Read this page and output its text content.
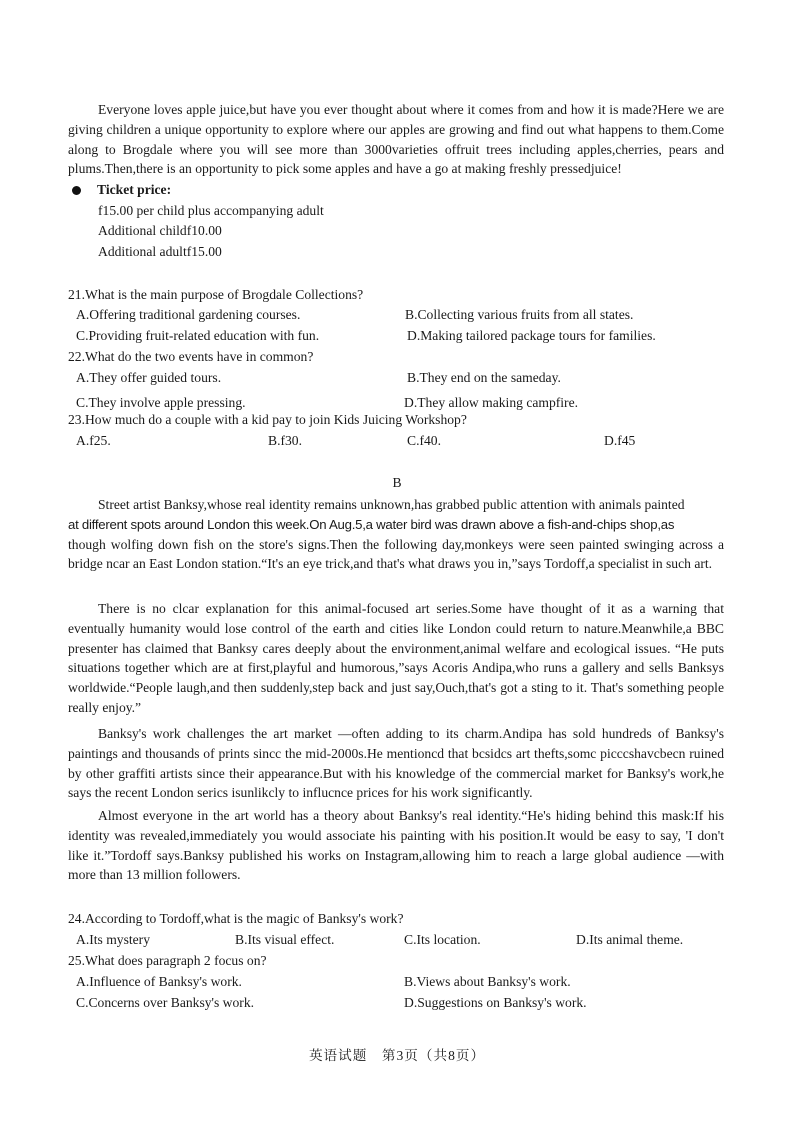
Everyone loves apple juice,but have you ever thought about where it comes from and how it is made?Here we are giving children a unique opportunity to explore where our apples are growing and find out what happens to them.Come along to Brogdale where you will see more than 3000varieties offruit trees including apples,cherries, pears and plums.Then,there is an opportunity to pick some apples and have a go at making freshly pressedjuice!
Ticket price:
f15.00 per child plus accompanying adult
Additional childf10.00
Additional adultf15.00
21.What is the main purpose of Brogdale Collections?
A.Offering traditional gardening courses.	B.Collecting various fruits from all states.
C.Providing fruit-related education with fun.	D.Making tailored package tours for families.
22.What do the two events have in common?
A.They offer guided tours.	B.They end on the sameday.
C.They involve apple pressing.	D.They allow making campfire.
23.How much do a couple with a kid pay to join Kids Juicing Workshop?
A.f25.	B.f30.	C.f40.	D.f45
B
Street artist Banksy,whose real identity remains unknown,has grabbed public attention with animals painted
at different spots around London this week.On Aug.5,a water bird was drawn above a fish-and-chips shop,as
though wolfing down fish on the store's signs.Then the following day,monkeys were seen painted swinging across a bridge ncar an East London station.“It's an eye trick,and that's what draws you in,”says Tordoff,a specialist in such art.
There is no clcar explanation for this animal-focused art series.Some have thought of it as a warning that eventually humanity would lose control of the earth and cities like London could return to nature.Meanwhile,a BBC presenter has claimed that Banksy cares deeply about the environment,animal welfare and ecological issues. “He puts situations together which are at first,playful and humorous,”says Acoris Andipa,who runs a gallery and sells Banksys worldwide.“People laugh,and then suddenly,step back and just say,Ouch,that's got a sting to it. That's something people really enjoy.”
Banksy's work challenges the art market —often adding to its charm.Andipa has sold hundreds of Banksy's paintings and thousands of prints sincc the mid-2000s.He mentioncd that bcsidcs art thefts,somc piccсshavcbecn ruined by other graffiti artists since their appearance.But with his knowledge of the commercial market for Banksy's work,he says the recent London serics isunlikcly to influcnce prices for his work significantly.
Almost everyone in the art world has a theory about Banksy's real identity.“He's hiding behind this mask:If his identity was revealed,immediately you would associate his painting with his position.It would be easy to say, 'I don't like it.”Tordoff says.Banksy published his works on Instagram,allowing him to reach a large global audience —with more than 13 million followers.
24.According to Tordoff,what is the magic of Banksy's work?
A.Its mystery	B.Its visual effect.	C.Its location.	D.Its animal theme.
25.What does paragraph 2 focus on?
A.Influence of Banksy's work.	B.Views about Banksy's work.
C.Concerns over Banksy's work.	D.Suggestions on Banksy's work.
英语试题　第3页（共8页）
